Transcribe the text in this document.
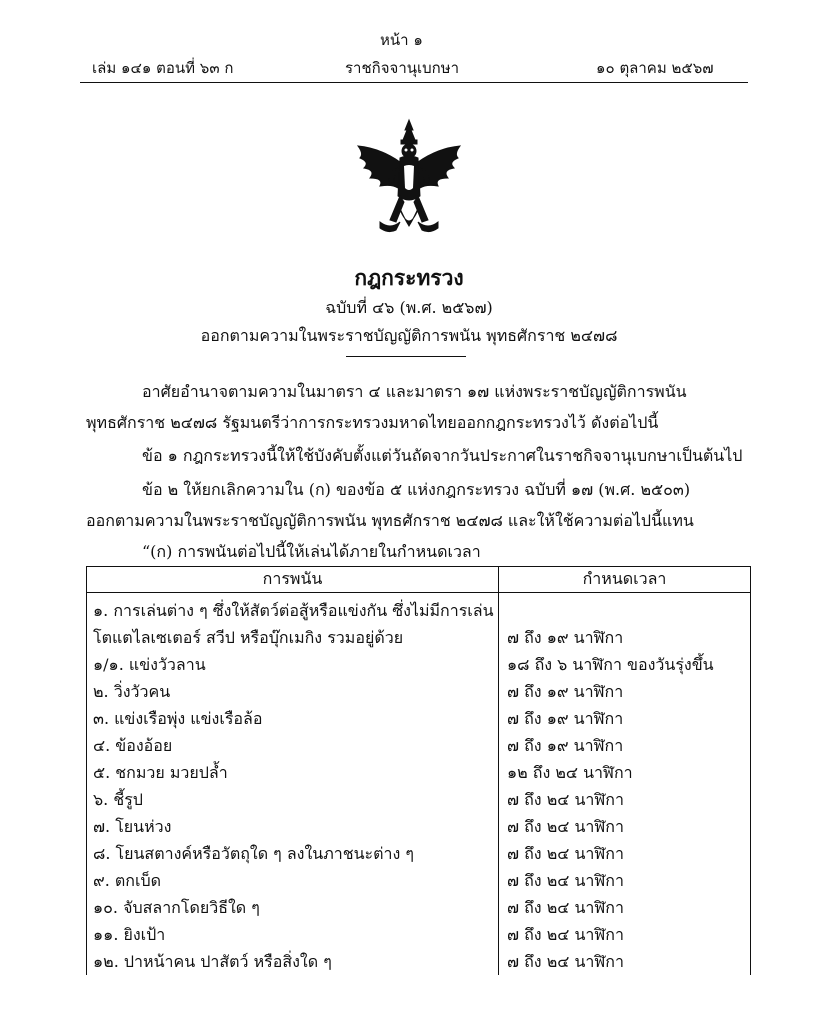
หน้า ๑
เล่ม ๑๔๑ ตอนที่ ๖๓ ก	ราชกิจจานุเบกษา	๑๐ ตุลาคม ๒๕๖๗
กฎกระทรวง
ฉบับที่ ๔๖ (พ.ศ. ๒๕๖๗)
ออกตามความในพระราชบัญญัติการพนัน พุทธศักราช ๒๔๗๘
อาศัยอำนาจตามความในมาตรา ๔ และมาตรา ๑๗ แห่งพระราชบัญญัติการพนัน
พุทธศักราช ๒๔๗๘ รัฐมนตรีว่าการกระทรวงมหาดไทยออกกฎกระทรวงไว้ ดังต่อไปนี้
ข้อ ๑ กฎกระทรวงนี้ให้ใช้บังคับตั้งแต่วันถัดจากวันประกาศในราชกิจจานุเบกษาเป็นต้นไป
ข้อ ๒ ให้ยกเลิกความใน (ก) ของข้อ ๕ แห่งกฎกระทรวง ฉบับที่ ๑๗ (พ.ศ. ๒๕๐๓)
ออกตามความในพระราชบัญญัติการพนัน พุทธศักราช ๒๔๗๘ และให้ใช้ความต่อไปนี้แทน
“(ก) การพนันต่อไปนี้ให้เล่นได้ภายในกำหนดเวลา
การพนัน	กำหนดเวลา

๑. การเล่นต่าง ๆ ซึ่งให้สัตว์ต่อสู้หรือแข่งกัน ซึ่งไม่มีการเล่น
โตแตไลเซเตอร์ สวีป หรือบุ๊กเมกิง รวมอยู่ด้วย	๗ ถึง ๑๙ นาฬิกา
๑/๑. แข่งวัวลาน	๑๘ ถึง ๖ นาฬิกา ของวันรุ่งขึ้น
๒. วิ่งวัวคน	๗ ถึง ๑๙ นาฬิกา
๓. แข่งเรือพุ่ง แข่งเรือล้อ	๗ ถึง ๑๙ นาฬิกา
๔. ข้องอ้อย	๗ ถึง ๑๙ นาฬิกา
๕. ชกมวย มวยปล้ำ	๑๒ ถึง ๒๔ นาฬิกา
๖. ชี้รูป	๗ ถึง ๒๔ นาฬิกา
๗. โยนห่วง	๗ ถึง ๒๔ นาฬิกา
๘. โยนสตางค์หรือวัตถุใด ๆ ลงในภาชนะต่าง ๆ	๗ ถึง ๒๔ นาฬิกา
๙. ตกเบ็ด	๗ ถึง ๒๔ นาฬิกา
๑๐. จับสลากโดยวิธีใด ๆ	๗ ถึง ๒๔ นาฬิกา
๑๑. ยิงเป้า	๗ ถึง ๒๔ นาฬิกา
๑๒. ปาหน้าคน ปาสัตว์ หรือสิ่งใด ๆ	๗ ถึง ๒๔ นาฬิกา
